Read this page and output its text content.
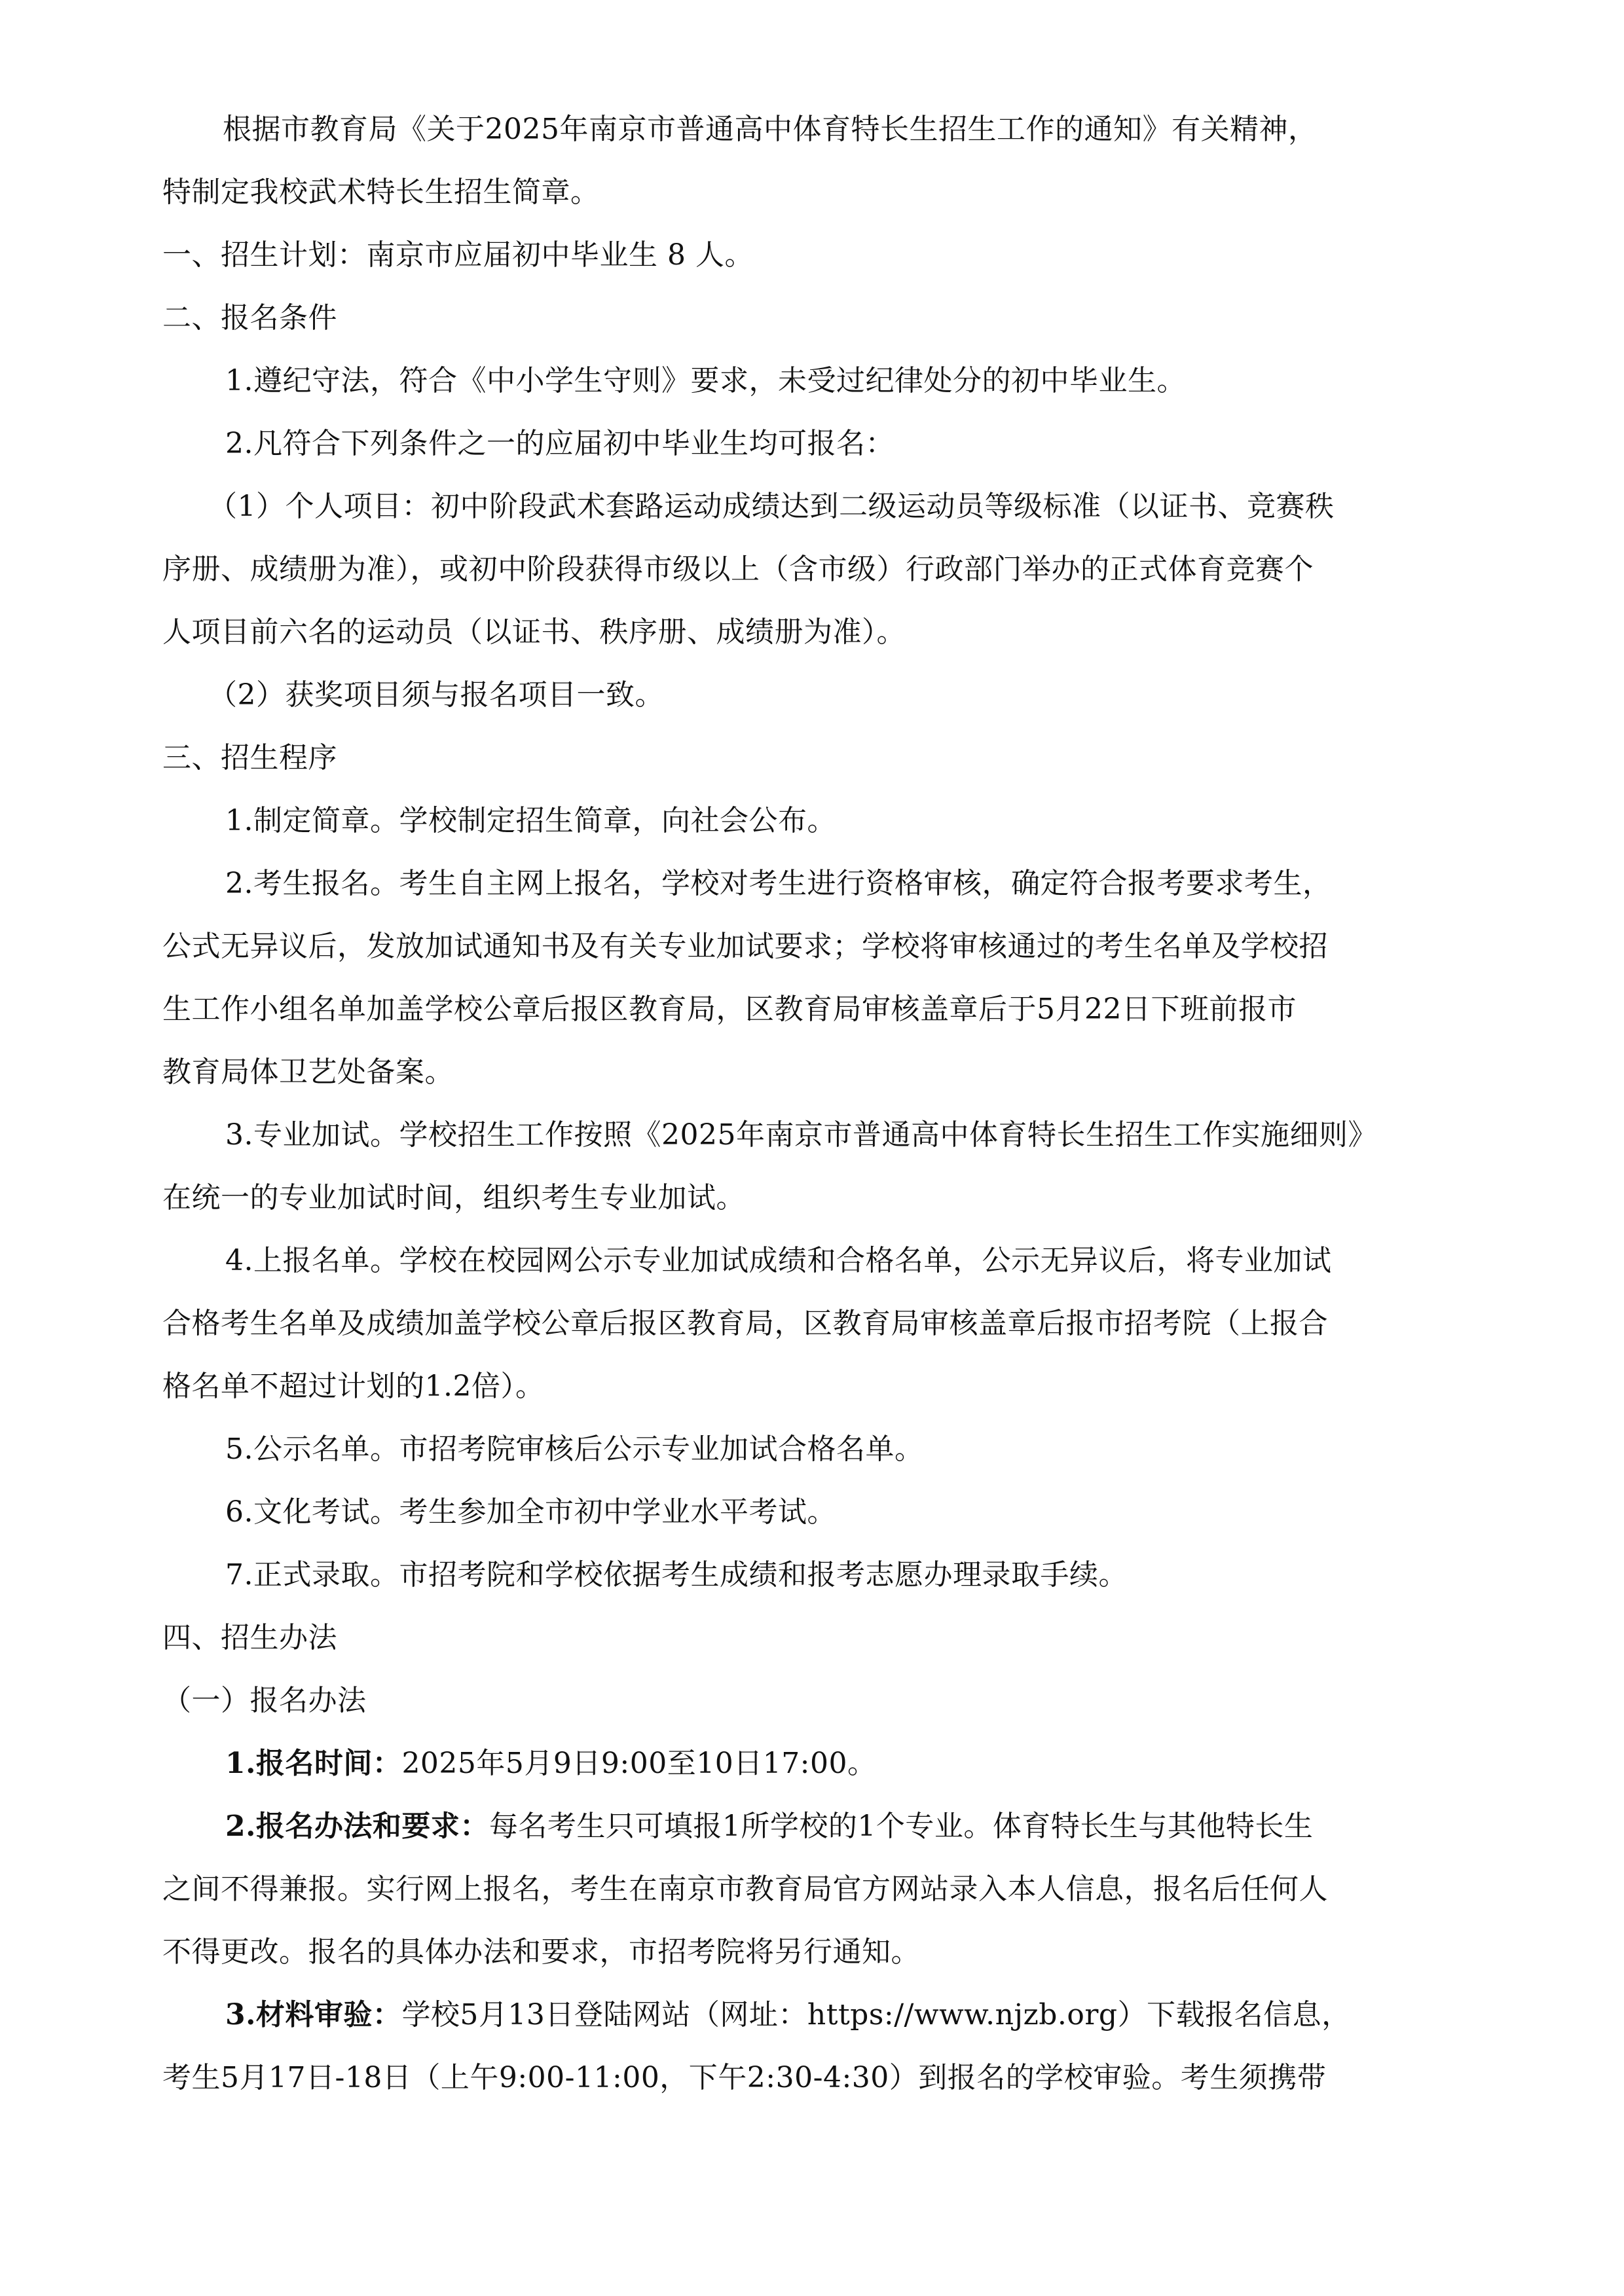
根据市教育局《关于2025年南京市普通高中体育特长生招生工作的通知》有关精神，
特制定我校武术特长生招生简章。
一、招生计划：南京市应届初中毕业生 8 人。
二、报名条件
1.遵纪守法，符合《中小学生守则》要求，未受过纪律处分的初中毕业生。
2.凡符合下列条件之一的应届初中毕业生均可报名：
（1）个人项目：初中阶段武术套路运动成绩达到二级运动员等级标准（以证书、竞赛秩
序册、成绩册为准），或初中阶段获得市级以上（含市级）行政部门举办的正式体育竞赛个
人项目前六名的运动员（以证书、秩序册、成绩册为准）。
（2）获奖项目须与报名项目一致。
三、招生程序
1.制定简章。学校制定招生简章，向社会公布。
2.考生报名。考生自主网上报名，学校对考生进行资格审核，确定符合报考要求考生，
公式无异议后，发放加试通知书及有关专业加试要求；学校将审核通过的考生名单及学校招
生工作小组名单加盖学校公章后报区教育局，区教育局审核盖章后于5月22日下班前报市
教育局体卫艺处备案。
3.专业加试。学校招生工作按照《2025年南京市普通高中体育特长生招生工作实施细则》
在统一的专业加试时间，组织考生专业加试。
4.上报名单。学校在校园网公示专业加试成绩和合格名单，公示无异议后，将专业加试
合格考生名单及成绩加盖学校公章后报区教育局，区教育局审核盖章后报市招考院（上报合
格名单不超过计划的1.2倍）。
5.公示名单。市招考院审核后公示专业加试合格名单。
6.文化考试。考生参加全市初中学业水平考试。
7.正式录取。市招考院和学校依据考生成绩和报考志愿办理录取手续。
四、招生办法
（一）报名办法
1.报名时间：2025年5月9日9:00至10日17:00。
2.报名办法和要求：每名考生只可填报1所学校的1个专业。体育特长生与其他特长生
之间不得兼报。实行网上报名，考生在南京市教育局官方网站录入本人信息，报名后任何人
不得更改。报名的具体办法和要求，市招考院将另行通知。
3.材料审验：学校5月13日登陆网站（网址：https://www.njzb.org）下载报名信息，
考生5月17日-18日（上午9:00-11:00，下午2:30-4:30）到报名的学校审验。考生须携带
